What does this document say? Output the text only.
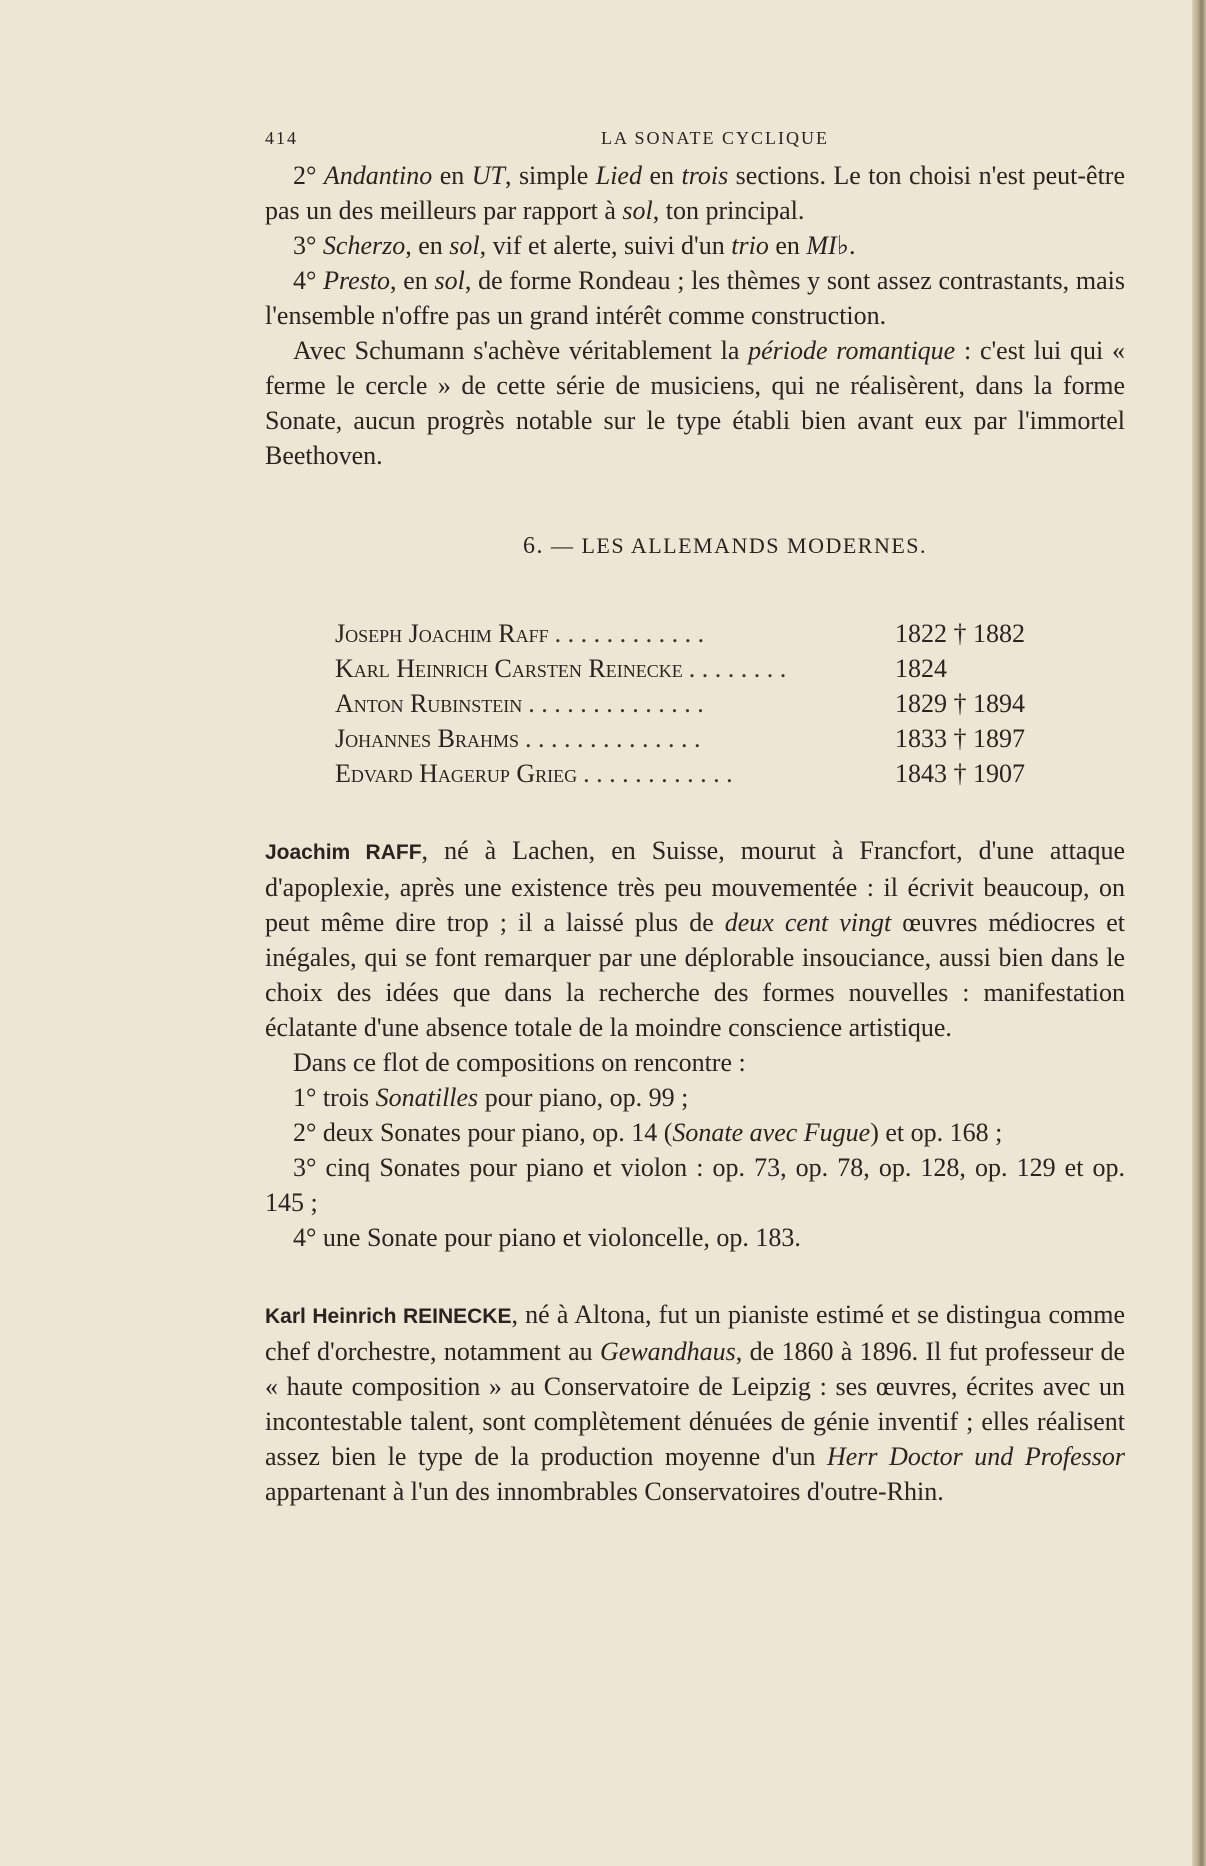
414	LA SONATE CYCLIQUE

2° Andantino en UT, simple Lied en trois sections. Le ton choisi n'est peut-être pas un des meilleurs par rapport à sol, ton principal.

3° Scherzo, en sol, vif et alerte, suivi d'un trio en MI♭.

4° Presto, en sol, de forme Rondeau ; les thèmes y sont assez contrastants, mais l'ensemble n'offre pas un grand intérêt comme construction.

Avec Schumann s'achève véritablement la période romantique : c'est lui qui « ferme le cercle » de cette série de musiciens, qui ne réalisèrent, dans la forme Sonate, aucun progrès notable sur le type établi bien avant eux par l'immortel Beethoven.

6. — LES ALLEMANDS MODERNES.
Joseph Joachim Raff . . . . . . . . . . . .	1822 † 1882
Karl Heinrich Carsten Reinecke . . . . . . . .	1824
Anton Rubinstein . . . . . . . . . . . . . .	1829 † 1894
Johannes Brahms . . . . . . . . . . . . . .	1833 † 1897
Edvard Hagerup Grieg . . . . . . . . . . . .	1843 † 1907

Joachim RAFF, né à Lachen, en Suisse, mourut à Francfort, d'une attaque d'apoplexie, après une existence très peu mouvementée : il écrivit beaucoup, on peut même dire trop ; il a laissé plus de deux cent vingt œuvres médiocres et inégales, qui se font remarquer par une déplorable insouciance, aussi bien dans le choix des idées que dans la recherche des formes nouvelles : manifestation éclatante d'une absence totale de la moindre conscience artistique.

Dans ce flot de compositions on rencontre :

1° trois Sonatilles pour piano, op. 99 ;

2° deux Sonates pour piano, op. 14 (Sonate avec Fugue) et op. 168 ;

3° cinq Sonates pour piano et violon : op. 73, op. 78, op. 128, op. 129 et op. 145 ;

4° une Sonate pour piano et violoncelle, op. 183.

Karl Heinrich REINECKE, né à Altona, fut un pianiste estimé et se distingua comme chef d'orchestre, notamment au Gewandhaus, de 1860 à 1896. Il fut professeur de « haute composition » au Conservatoire de Leipzig : ses œuvres, écrites avec un incontestable talent, sont complètement dénuées de génie inventif ; elles réalisent assez bien le type de la production moyenne d'un Herr Doctor und Professor appartenant à l'un des innombrables Conservatoires d'outre-Rhin.
